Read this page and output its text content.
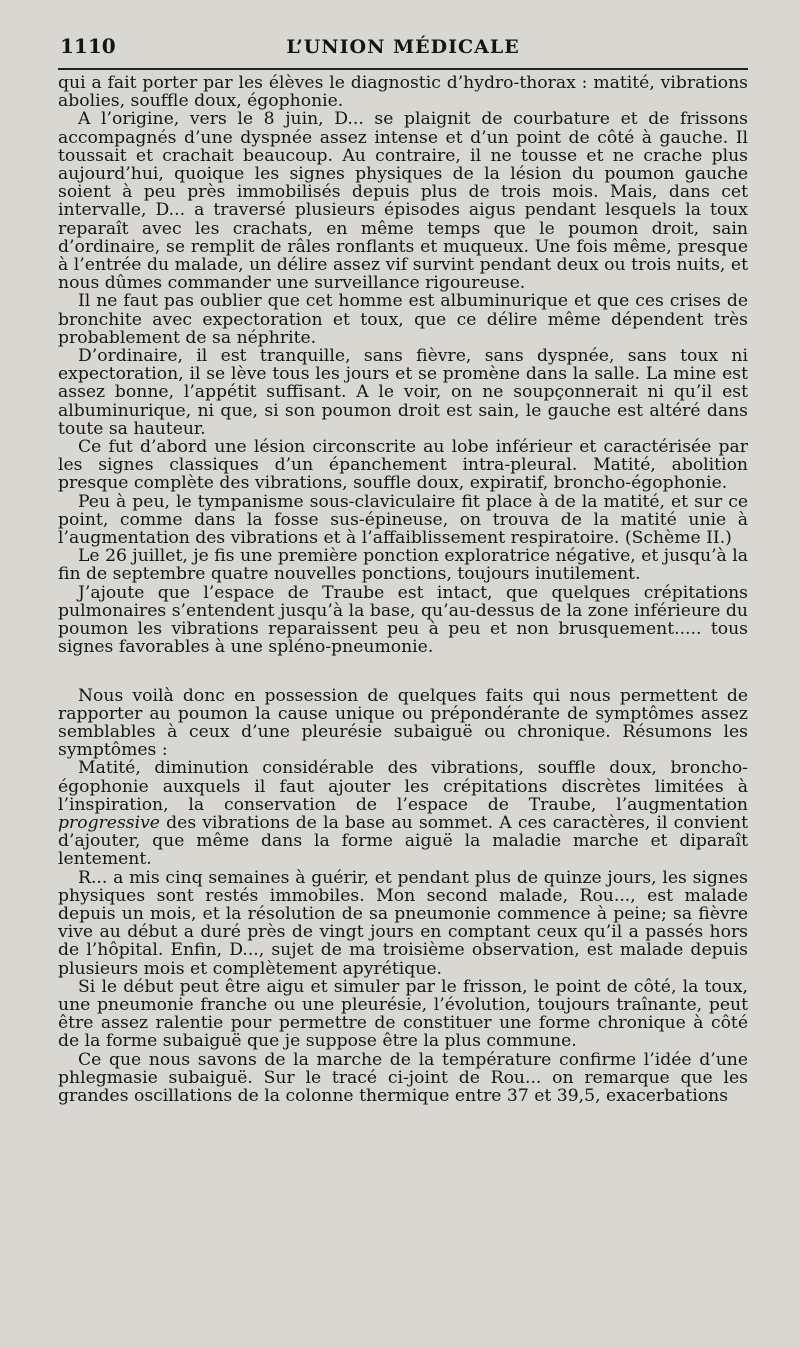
1110	L’UNION MÉDICALE

qui a fait porter par les élèves le diagnostic d’hydro-thorax : matité, vibrations abolies, souffle doux, égophonie.

A l’origine, vers le 8 juin, D... se plaignit de courbature et de frissons accompagnés d’une dyspnée assez intense et d’un point de côté à gauche. Il toussait et crachait beaucoup. Au contraire, il ne tousse et ne crache plus aujourd’hui, quoique les signes physiques de la lésion du poumon gauche soient à peu près immobilisés depuis plus de trois mois. Mais, dans cet intervalle, D... a traversé plusieurs épisodes aigus pendant lesquels la toux reparaît avec les crachats, en même temps que le poumon droit, sain d’ordinaire, se remplit de râles ronflants et muqueux. Une fois même, presque à l’entrée du malade, un délire assez vif survint pendant deux ou trois nuits, et nous dûmes commander une surveillance rigoureuse.

Il ne faut pas oublier que cet homme est albuminurique et que ces crises de bronchite avec expectoration et toux, que ce délire même dépendent très probablement de sa néphrite.

D’ordinaire, il est tranquille, sans fièvre, sans dyspnée, sans toux ni expectoration, il se lève tous les jours et se promène dans la salle. La mine est assez bonne, l’appétit suffisant. A le voir, on ne soupçonnerait ni qu’il est albuminurique, ni que, si son poumon droit est sain, le gauche est altéré dans toute sa hauteur.

Ce fut d’abord une lésion circonscrite au lobe inférieur et caractérisée par les signes classiques d’un épanchement intra-pleural. Matité, abolition presque complète des vibrations, souffle doux, expiratif, broncho-égophonie.

Peu à peu, le tympanisme sous-claviculaire fit place à de la matité, et sur ce point, comme dans la fosse sus-épineuse, on trouva de la matité unie à l’augmentation des vibrations et à l’affaiblissement respiratoire. (Schème II.)

Le 26 juillet, je fis une première ponction exploratrice négative, et jusqu’à la fin de septembre quatre nouvelles ponctions, toujours inutilement.

J’ajoute que l’espace de Traube est intact, que quelques crépitations pulmonaires s’entendent jusqu’à la base, qu’au-dessus de la zone inférieure du poumon les vibrations reparaissent peu à peu et non brusquement..... tous signes favorables à une spléno-pneumonie.

Nous voilà donc en possession de quelques faits qui nous permettent de rapporter au poumon la cause unique ou prépondérante de symptômes assez semblables à ceux d’une pleurésie subaiguë ou chronique. Résumons les symptômes :

Matité, diminution considérable des vibrations, souffle doux, broncho-égophonie auxquels il faut ajouter les crépitations discrètes limitées à l’inspiration, la conservation de l’espace de Traube, l’augmentation progressive des vibrations de la base au sommet. A ces caractères, il convient d’ajouter, que même dans la forme aiguë la maladie marche et diparaît lentement.

R... a mis cinq semaines à guérir, et pendant plus de quinze jours, les signes physiques sont restés immobiles. Mon second malade, Rou..., est malade depuis un mois, et la résolution de sa pneumonie commence à peine; sa fièvre vive au début a duré près de vingt jours en comptant ceux qu’il a passés hors de l’hôpital. Enfin, D..., sujet de ma troisième observation, est malade depuis plusieurs mois et complètement apyrétique.

Si le début peut être aigu et simuler par le frisson, le point de côté, la toux, une pneumonie franche ou une pleurésie, l’évolution, toujours traînante, peut être assez ralentie pour permettre de constituer une forme chronique à côté de la forme subaiguë que je suppose être la plus commune.

Ce que nous savons de la marche de la température confirme l’idée d’une phlegmasie subaiguë. Sur le tracé ci-joint de Rou... on remarque que les grandes oscillations de la colonne thermique entre 37 et 39,5, exacerbations
